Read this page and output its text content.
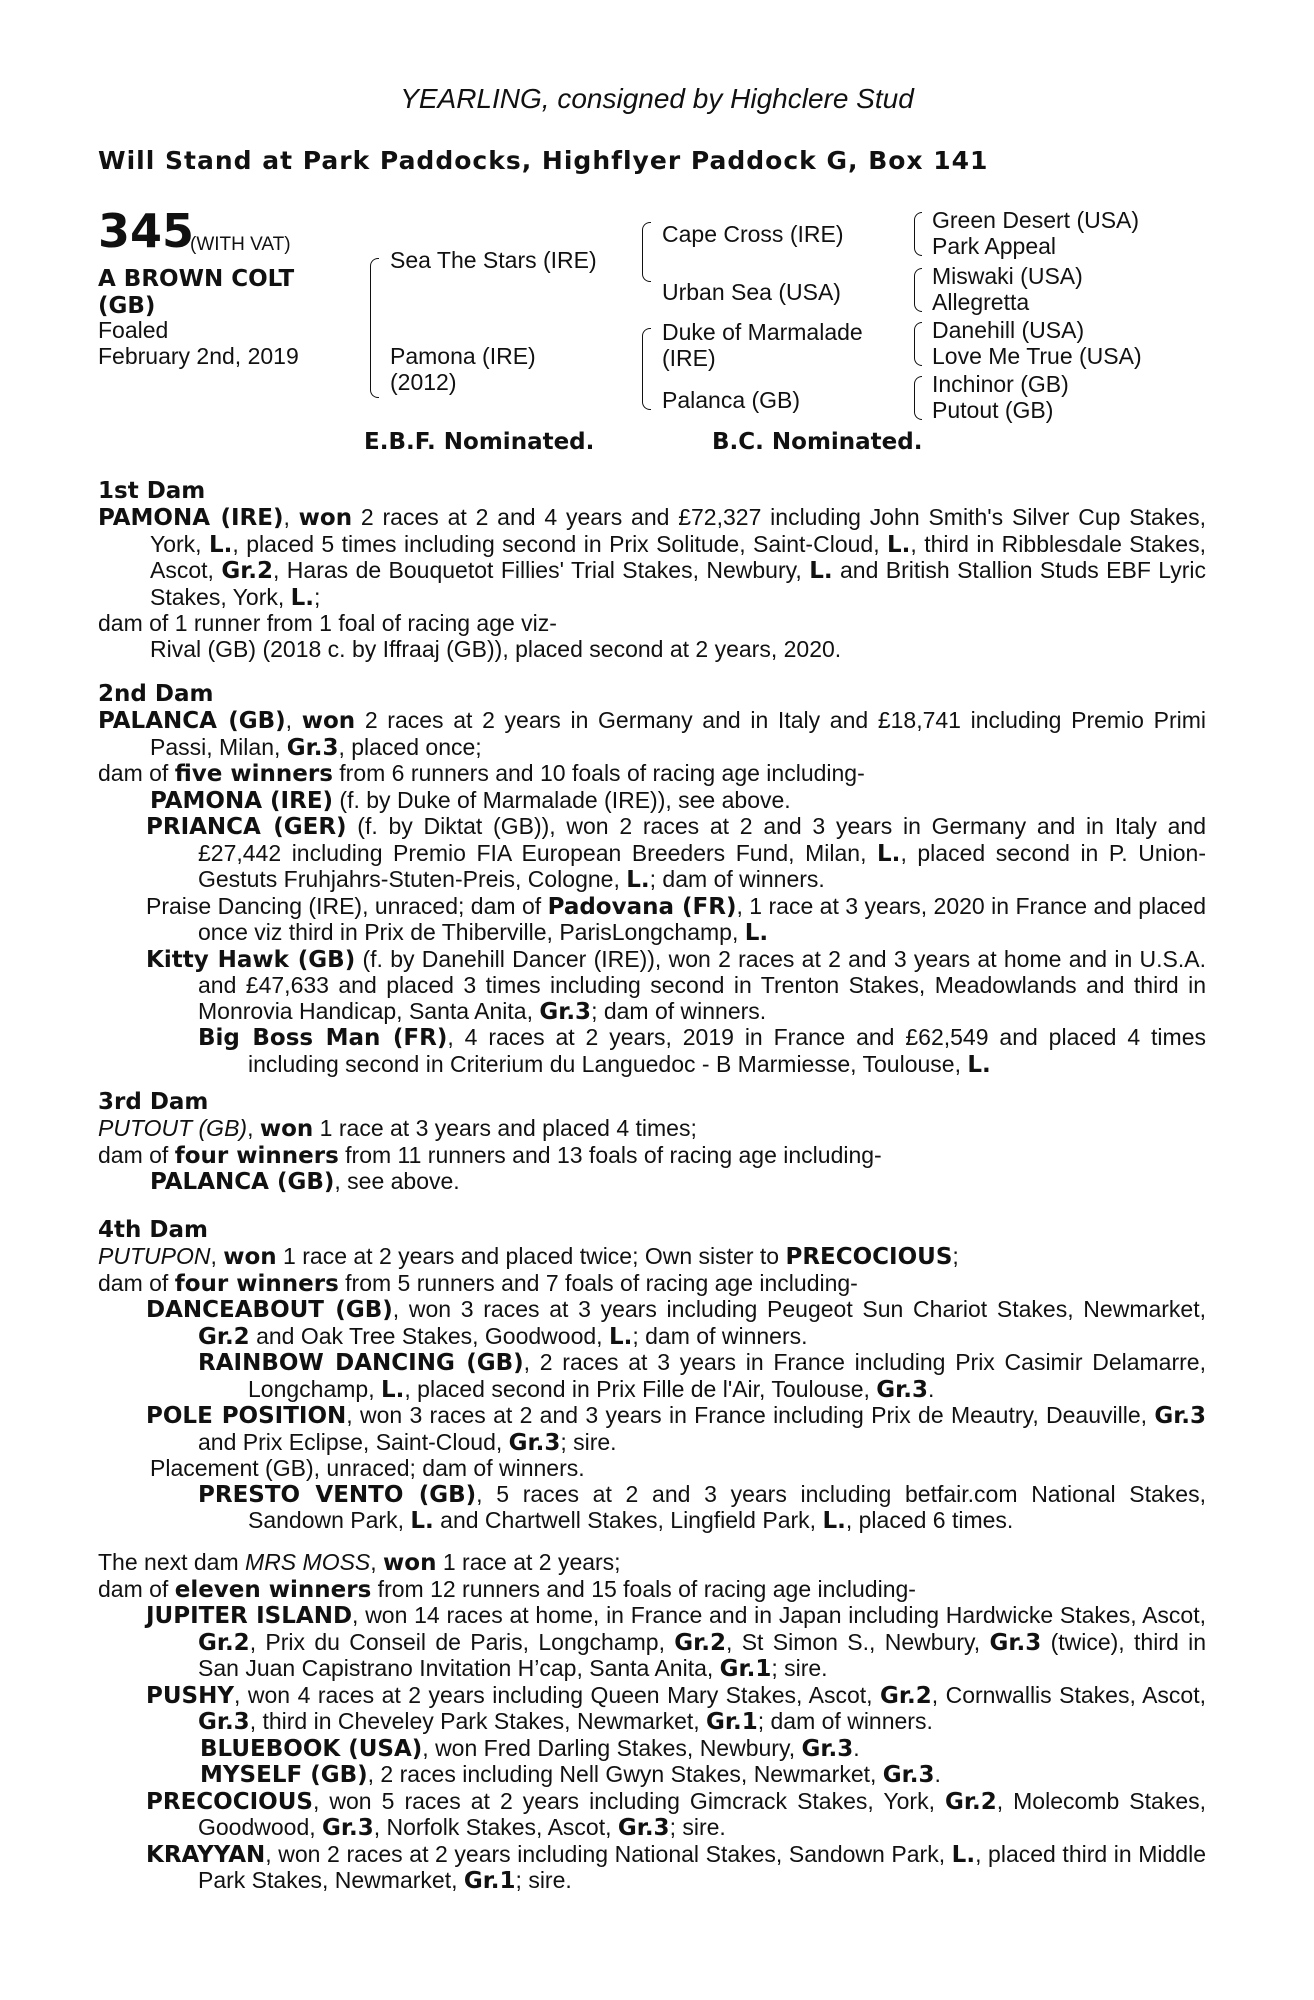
YEARLING, consigned by Highclere Stud
Will Stand at Park Paddocks, Highflyer Paddock G, Box 141
345
(WITH VAT)
A BROWN COLT (GB)
Foaled
February 2nd, 2019
Sea The Stars (IRE)
Pamona (IRE)
(2012)
Cape Cross (IRE)
Urban Sea (USA)
Duke of Marmalade
(IRE)
Palanca (GB)
Green Desert (USA)
Park Appeal
Miswaki (USA)
Allegretta
Danehill (USA)
Love Me True (USA)
Inchinor (GB)
Putout (GB)
E.B.F. Nominated.	B.C. Nominated.
1st Dam

PAMONA (IRE), won 2 races at 2 and 4 years and £72,327 including John Smith's Silver Cup Stakes, York, L., placed 5 times including second in Prix Solitude, Saint-Cloud, L., third in Ribblesdale Stakes, Ascot, Gr.2, Haras de Bouquetot Fillies' Trial Stakes, Newbury, L. and British Stallion Studs EBF Lyric Stakes, York, L.;

dam of 1 runner from 1 foal of racing age viz-

Rival (GB) (2018 c. by Iffraaj (GB)), placed second at 2 years, 2020.

2nd Dam

PALANCA (GB), won 2 races at 2 years in Germany and in Italy and £18,741 including Premio Primi Passi, Milan, Gr.3, placed once;

dam of five winners from 6 runners and 10 foals of racing age including-

PAMONA (IRE) (f. by Duke of Marmalade (IRE)), see above.

PRIANCA (GER) (f. by Diktat (GB)), won 2 races at 2 and 3 years in Germany and in Italy and £27,442 including Premio FIA European Breeders Fund, Milan, L., placed second in P. Union-Gestuts Fruhjahrs-Stuten-Preis, Cologne, L.; dam of winners.

Praise Dancing (IRE), unraced; dam of Padovana (FR), 1 race at 3 years, 2020 in France and placed once viz third in Prix de Thiberville, ParisLongchamp, L.

Kitty Hawk (GB) (f. by Danehill Dancer (IRE)), won 2 races at 2 and 3 years at home and in U.S.A. and £47,633 and placed 3 times including second in Trenton Stakes, Meadowlands and third in Monrovia Handicap, Santa Anita, Gr.3; dam of winners.

Big Boss Man (FR), 4 races at 2 years, 2019 in France and £62,549 and placed 4 times including second in Criterium du Languedoc - B Marmiesse, Toulouse, L.

3rd Dam

PUTOUT (GB), won 1 race at 3 years and placed 4 times;

dam of four winners from 11 runners and 13 foals of racing age including-

PALANCA (GB), see above.

4th Dam

PUTUPON, won 1 race at 2 years and placed twice; Own sister to PRECOCIOUS;

dam of four winners from 5 runners and 7 foals of racing age including-

DANCEABOUT (GB), won 3 races at 3 years including Peugeot Sun Chariot Stakes, Newmarket, Gr.2 and Oak Tree Stakes, Goodwood, L.; dam of winners.

RAINBOW DANCING (GB), 2 races at 3 years in France including Prix Casimir Delamarre, Longchamp, L., placed second in Prix Fille de l'Air, Toulouse, Gr.3.

POLE POSITION, won 3 races at 2 and 3 years in France including Prix de Meautry, Deauville, Gr.3 and Prix Eclipse, Saint-Cloud, Gr.3; sire.

Placement (GB), unraced; dam of winners.

PRESTO VENTO (GB), 5 races at 2 and 3 years including betfair.com National Stakes, Sandown Park, L. and Chartwell Stakes, Lingfield Park, L., placed 6 times.

The next dam MRS MOSS, won 1 race at 2 years;

dam of eleven winners from 12 runners and 15 foals of racing age including-

JUPITER ISLAND, won 14 races at home, in France and in Japan including Hardwicke Stakes, Ascot, Gr.2, Prix du Conseil de Paris, Longchamp, Gr.2, St Simon S., Newbury, Gr.3 (twice), third in San Juan Capistrano Invitation H’cap, Santa Anita, Gr.1; sire.

PUSHY, won 4 races at 2 years including Queen Mary Stakes, Ascot, Gr.2, Cornwallis Stakes, Ascot, Gr.3, third in Cheveley Park Stakes, Newmarket, Gr.1; dam of winners.

BLUEBOOK (USA), won Fred Darling Stakes, Newbury, Gr.3.

MYSELF (GB), 2 races including Nell Gwyn Stakes, Newmarket, Gr.3.

PRECOCIOUS, won 5 races at 2 years including Gimcrack Stakes, York, Gr.2, Molecomb Stakes, Goodwood, Gr.3, Norfolk Stakes, Ascot, Gr.3; sire.

KRAYYAN, won 2 races at 2 years including National Stakes, Sandown Park, L., placed third in Middle Park Stakes, Newmarket, Gr.1; sire.
